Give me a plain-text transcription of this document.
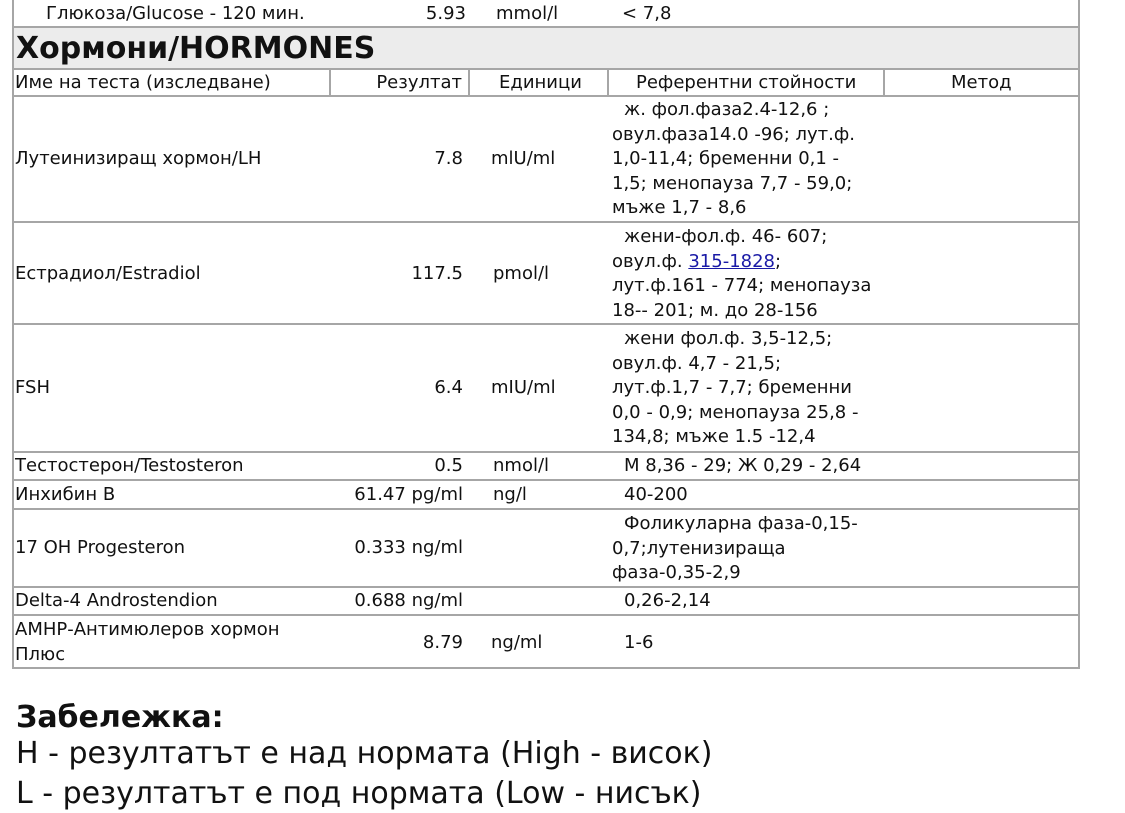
Глюкоза/Glucose - 120 мин.	5.93 mmol/l	< 7,8
Хормони/HORMONES
Име на теста (изследване)	Резултат Единици	Референтни стойности	Метод
Лутеинизиращ хормон/LH	7.8 mlU/ml
ж. фол.фаза2.4-12,6 ;
овул.фаза14.0 -96; лут.ф.
1,0-11,4; бременни 0,1 -
1,5; менопауза 7,7 - 59,0;
мъже 1,7 - 8,6
Естрадиол/Estradiol	117.5 pmol/l
жени-фол.ф. 46- 607;
овул.ф. 315-1828;
лут.ф.161 - 774; менопауза
18-- 201; м. до 28-156
FSH	6.4 mIU/ml
жени фол.ф. 3,5-12,5;
овул.ф. 4,7 - 21,5;
лут.ф.1,7 - 7,7; бременни
0,0 - 0,9; менопауза 25,8 -
134,8; мъже 1.5 -12,4
Тестостерон/Testosteron	0.5 nmol/l	М 8,36 - 29; Ж 0,29 - 2,64
Инхибин В	61.47 pg/ml ng/l	40-200
17 OH Progesteron	0.333 ng/ml
Фоликуларна фаза-0,15-
0,7;лутенизираща
фаза-0,35-2,9
Delta-4 Androstendion	0.688 ng/ml	0,26-2,14
АМНР-Антимюлеров хормон
Плюс
8.79 ng/ml	1-6
Забележка:
H - резултатът е над нормата (High - висок)
L - резултатът е под нормата (Low - нисък)
